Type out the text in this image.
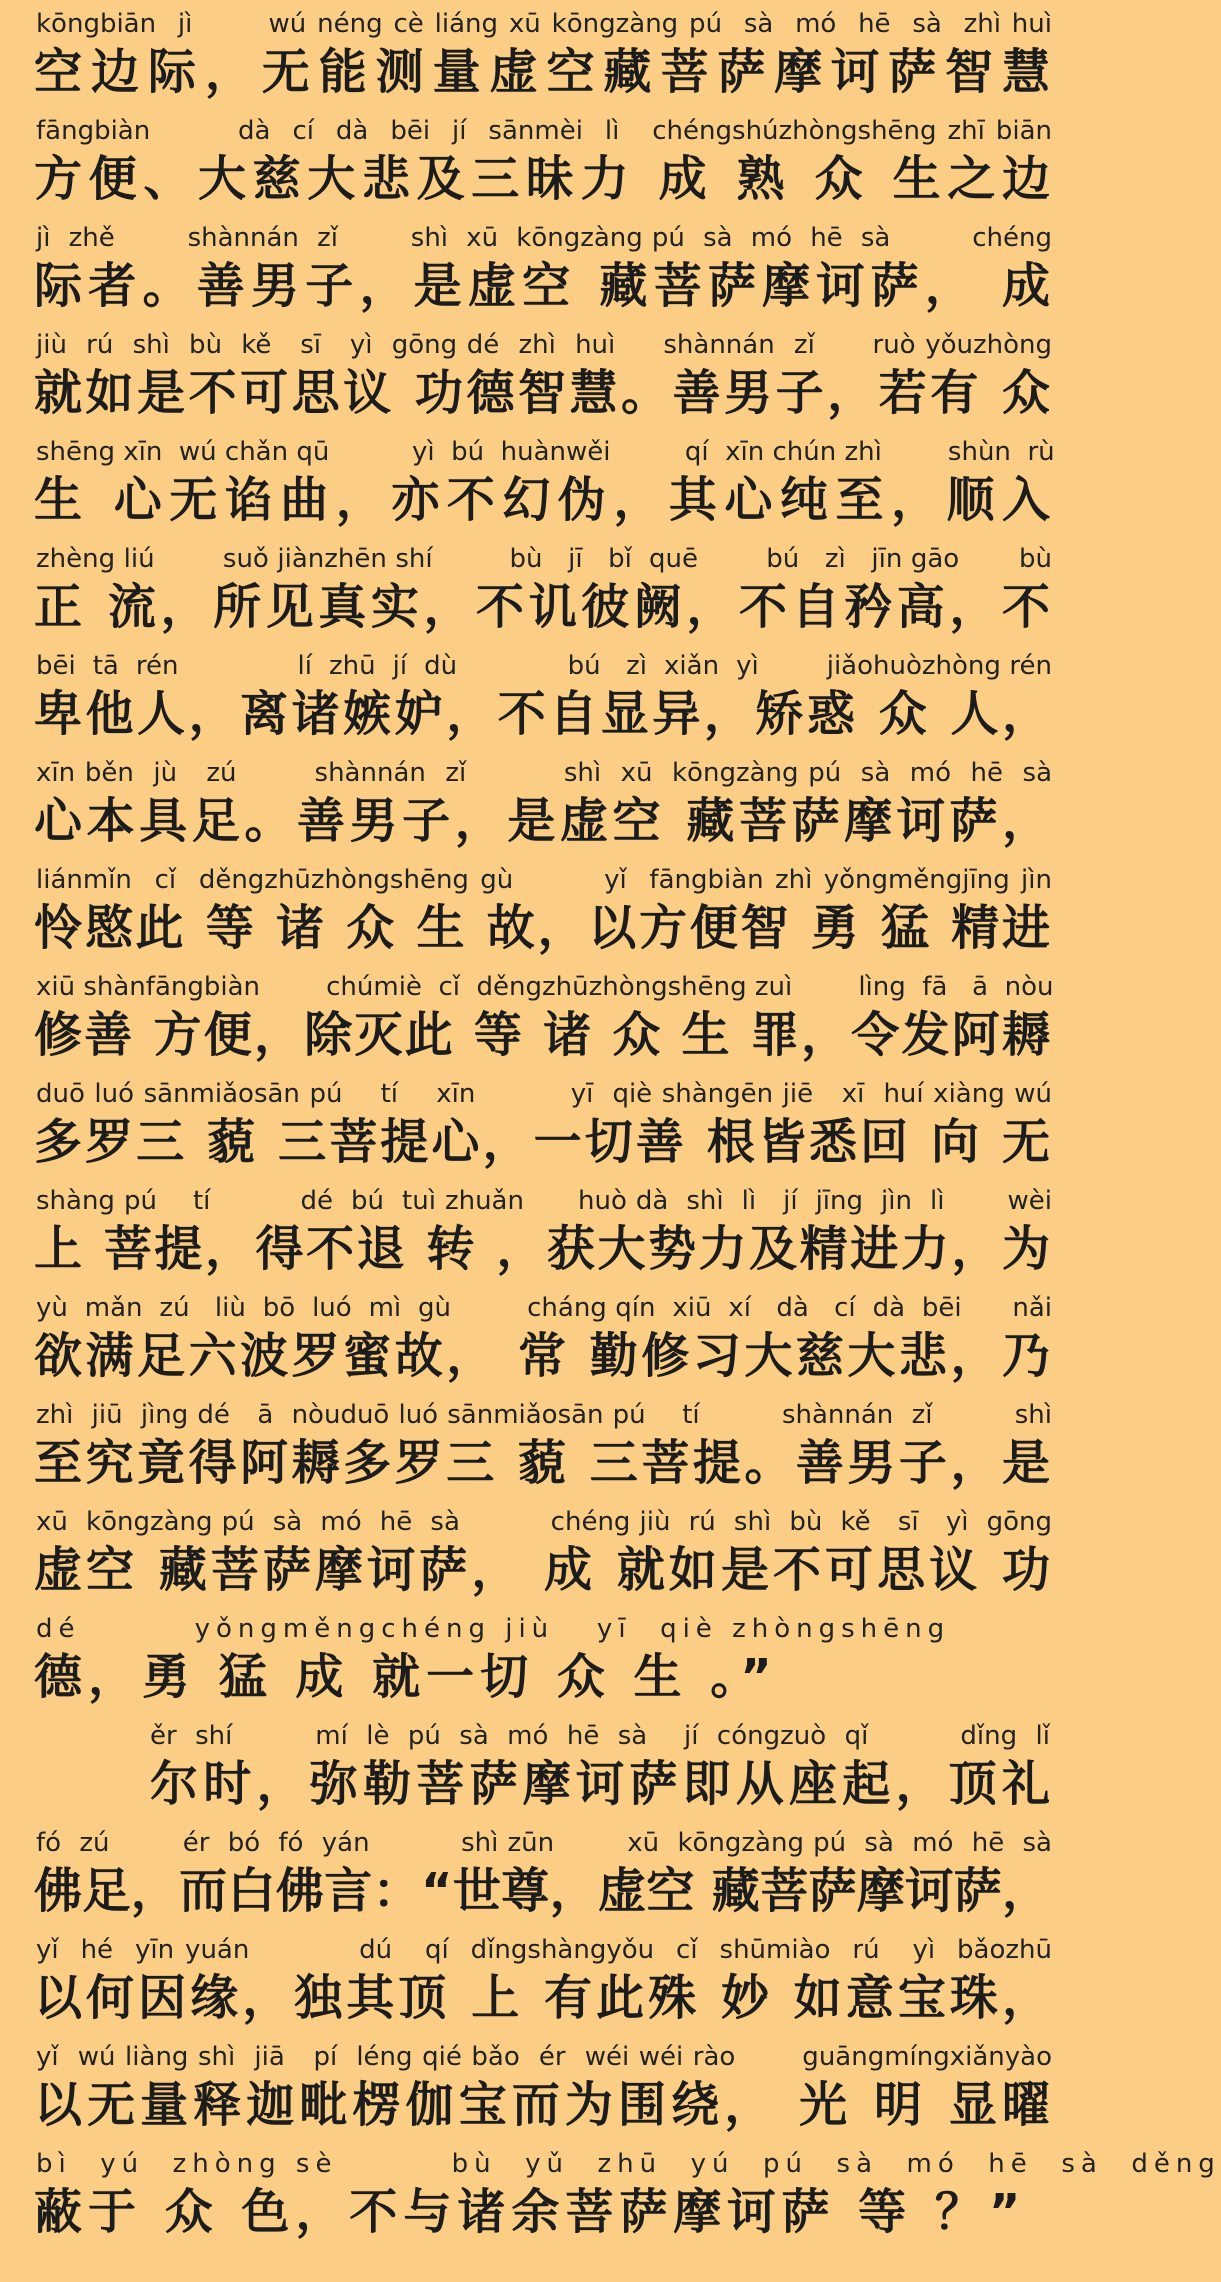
kōngbiān  jì       wú néng cè liáng xū kōngzàng pú  sà  mó  hē  sà  zhì huì
空边际，无能测量虚空藏菩萨摩诃萨智慧
fāngbiàn        dà  cí  dà  bēi  jí  sānmèi  lì   chéngshúzhòngshēng zhī biān
方便、大慈大悲及三昧力 成 熟 众 生之边
jì  zhě        shànnán  zǐ        shì  xū  kōngzàng pú  sà  mó  hē  sà         chéng
际者。善男子，是虚空 藏菩萨摩诃萨， 成
jiù  rú  shì  bù  kě   sī   yì  gōng dé  zhì  huì     shànnán  zǐ      ruò yǒuzhòng
就如是不可思议 功德智慧。善男子，若有 众
shēng xīn  wú chǎn qū          yì  bú  huànwěi         qí  xīn chún zhì        shùn  rù
生 心无谄曲，亦不幻伪，其心纯至，顺入
zhèng liú        suǒ jiànzhēn shí         bù   jī   bǐ  quē        bú   zì   jīn gāo       bù
正 流，所见真实，不讥彼阙，不自矜高，不
bēi  tā  rén              lí  zhū  jí  dù             bú   zì  xiǎn  yì        jiǎohuòzhòng rén
卑他人，离诸嫉妒，不自显异，矫惑 众 人，
xīn běn  jù   zú        shànnán  zǐ          shì  xū  kōngzàng pú  sà  mó  hē  sà
心本具足。善男子，是虚空 藏菩萨摩诃萨，
liánmǐn  cǐ  děngzhūzhòngshēng gù        yǐ  fāngbiàn zhì yǒngměngjīng jìn
怜愍此 等 诸 众 生 故，以方便智 勇 猛 精进
xiū shànfāngbiàn        chúmiè  cǐ  děngzhūzhòngshēng zuì        lìng  fā   ā  nòu
修善 方便，除灭此 等 诸 众 生 罪，令发阿耨
duō luó sānmiǎosān pú    tí    xīn          yī  qiè shàngēn jiē   xī  huí xiàng wú
多罗三 藐 三菩提心，一切善 根皆悉回 向 无
shàng pú    tí          dé  bú  tuì zhuǎn      huò dà  shì  lì   jí  jīng  jìn  lì       wèi
上 菩提，得不退 转 ，获大势力及精进力，为
yù  mǎn  zú   liù  bō  luó  mì  gù         cháng qín  xiū  xí   dà   cí  dà  bēi      nǎi
欲满足六波罗蜜故， 常 勤修习大慈大悲，乃
zhì  jiū  jìng dé   ā  nòuduō luó sānmiǎosān pú    tí         shànnán  zǐ         shì
至究竟得阿耨多罗三 藐 三菩提。善男子，是
xū  kōngzàng pú  sà  mó  hē  sà          chéng jiù  rú  shì  bù  kě   sī   yì  gōng
虚空 藏菩萨摩诃萨， 成 就如是不可思议 功
dé        yǒngměngchéng jiù   yī  qiè zhòngshēng
德，勇 猛 成 就一切 众 生 。”
ěr  shí         mí  lè  pú  sà  mó  hē  sà    jí  cóngzuò  qǐ          dǐng  lǐ
尔时，弥勒菩萨摩诃萨即从座起，顶礼
fó  zú        ér  bó  fó  yán          shì zūn        xū  kōngzàng pú  sà  mó  hē  sà
佛足，而白佛言：“世尊，虚空 藏菩萨摩诃萨，
yǐ  hé  yīn yuán          dú   qí  dǐngshàngyǒu  cǐ  shūmiào  rú   yì  bǎozhū
以何因缘，独其顶 上 有此殊 妙 如意宝珠，
yǐ  wú liàng shì  jiā   pí  léng qié bǎo  ér  wéi wéi rào       guāngmíngxiǎnyào
以无量释迦毗楞伽宝而为围绕， 光 明 显曜
bì  yú  zhòng sè        bù  yǔ  zhū  yú  pú  sà  mó  hē  sà  děng
蔽于 众 色，不与诸余菩萨摩诃萨 等 ？”
